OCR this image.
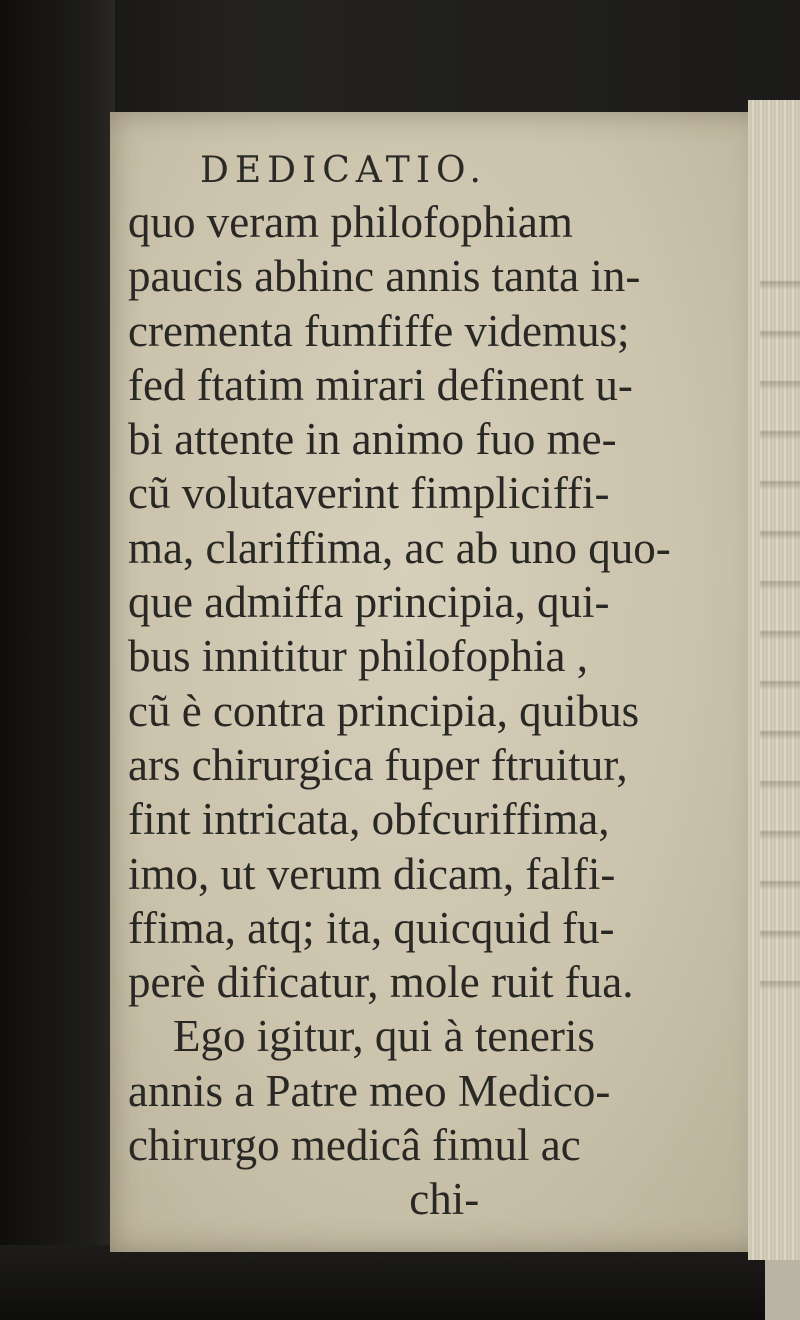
DEDICATIO.
quo veram philofophiam
paucis abhinc annis tanta in-
crementa fumfiffe videmus;
fed ftatim mirari definent u-
bi attente in animo fuo me-
cũ volutaverint fimpliciffi-
ma, clariffima, ac ab uno quo-
que admiffa principia, qui-
bus innititur philofophia ,
cũ è contra principia, quibus
ars chirurgica fuper ftruitur,
fint intricata, obfcuriffima,
imo, ut verum dicam, falfi-
ffima, atq; ita, quicquid fu-
perè dificatur, mole ruit fua.
Ego igitur, qui à teneris
annis a Patre meo Medico-
chirurgo medicâ fimul ac
chi-
